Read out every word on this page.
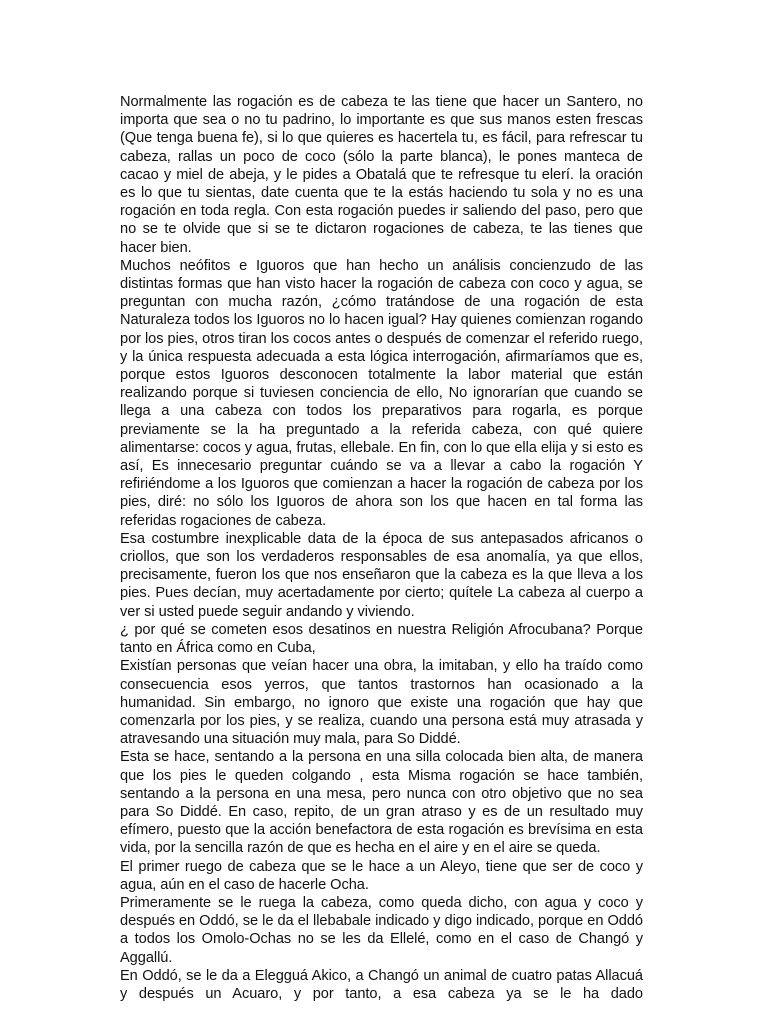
Normalmente las rogación es de cabeza te las tiene que hacer un Santero, no importa que sea o no tu padrino, lo importante es que sus manos esten frescas (Que tenga buena fe), si lo que quieres es hacertela tu, es fácil, para refrescar tu cabeza, rallas un poco de coco (sólo la parte blanca), le pones manteca de cacao y miel de abeja, y le pides a Obatalá que te refresque tu elerí. la oración es lo que tu sientas, date cuenta que te la estás haciendo tu sola y no es una rogación en toda regla. Con esta rogación puedes ir saliendo del paso, pero que no se te olvide que si se te dictaron rogaciones de cabeza, te las tienes que hacer bien.

Muchos neófitos e Iguoros que han hecho un análisis concienzudo de las distintas formas que han visto hacer la rogación de cabeza con coco y agua, se preguntan con mucha razón, ¿cómo tratándose de una rogación de esta Naturaleza todos los Iguoros no lo hacen igual? Hay quienes comienzan rogando por los pies, otros tiran los cocos antes o después de comenzar el referido ruego, y la única respuesta adecuada a esta lógica interrogación, afirmaríamos que es, porque estos Iguoros desconocen totalmente la labor material que están realizando porque si tuviesen conciencia de ello, No ignorarían que cuando se llega a una cabeza con todos los preparativos para rogarla, es porque previamente se la ha preguntado a la referida cabeza, con qué quiere alimentarse: cocos y agua, frutas, ellebale. En fin, con lo que ella elija y si esto es así, Es innecesario preguntar cuándo se va a llevar a cabo la rogación Y refiriéndome a los Iguoros que comienzan a hacer la rogación de cabeza por los pies, diré: no sólo los Iguoros de ahora son los que hacen en tal forma las referidas rogaciones de cabeza.

Esa costumbre inexplicable data de la época de sus antepasados africanos o criollos, que son los verdaderos responsables de esa anomalía, ya que ellos, precisamente, fueron los que nos enseñaron que la cabeza es la que lleva a los pies. Pues decían, muy acertadamente por cierto; quítele La cabeza al cuerpo a ver si usted puede seguir andando y viviendo.

¿ por qué se cometen esos desatinos en nuestra Religión Afrocubana? Porque tanto en África como en Cuba,

Existían personas que veían hacer una obra, la imitaban, y ello ha traído como consecuencia esos yerros, que tantos trastornos han ocasionado a la humanidad. Sin embargo, no ignoro que existe una rogación que hay que comenzarla por los pies, y se realiza, cuando una persona está muy atrasada y atravesando una situación muy mala, para So Diddé.

Esta se hace, sentando a la persona en una silla colocada bien alta, de manera que los pies le queden colgando , esta Misma rogación se hace también, sentando a la persona en una mesa, pero nunca con otro objetivo que no sea para So Diddé. En caso, repito, de un gran atraso y es de un resultado muy efímero, puesto que la acción benefactora de esta rogación es brevísima en esta vida, por la sencilla razón de que es hecha en el aire y en el aire se queda.

El primer ruego de cabeza que se le hace a un Aleyo, tiene que ser de coco y agua, aún en el caso de hacerle Ocha.

Primeramente se le ruega la cabeza, como queda dicho, con agua y coco y después en Oddó, se le da el llebabale indicado y digo indicado, porque en Oddó a todos los Omolo-Ochas no se les da Ellelé, como en el caso de Changó y Aggallú.

En Oddó, se le da a Elegguá Akico, a Changó un animal de cuatro patas Allacuá y después un Acuaro, y por tanto, a esa cabeza ya se le ha dado
